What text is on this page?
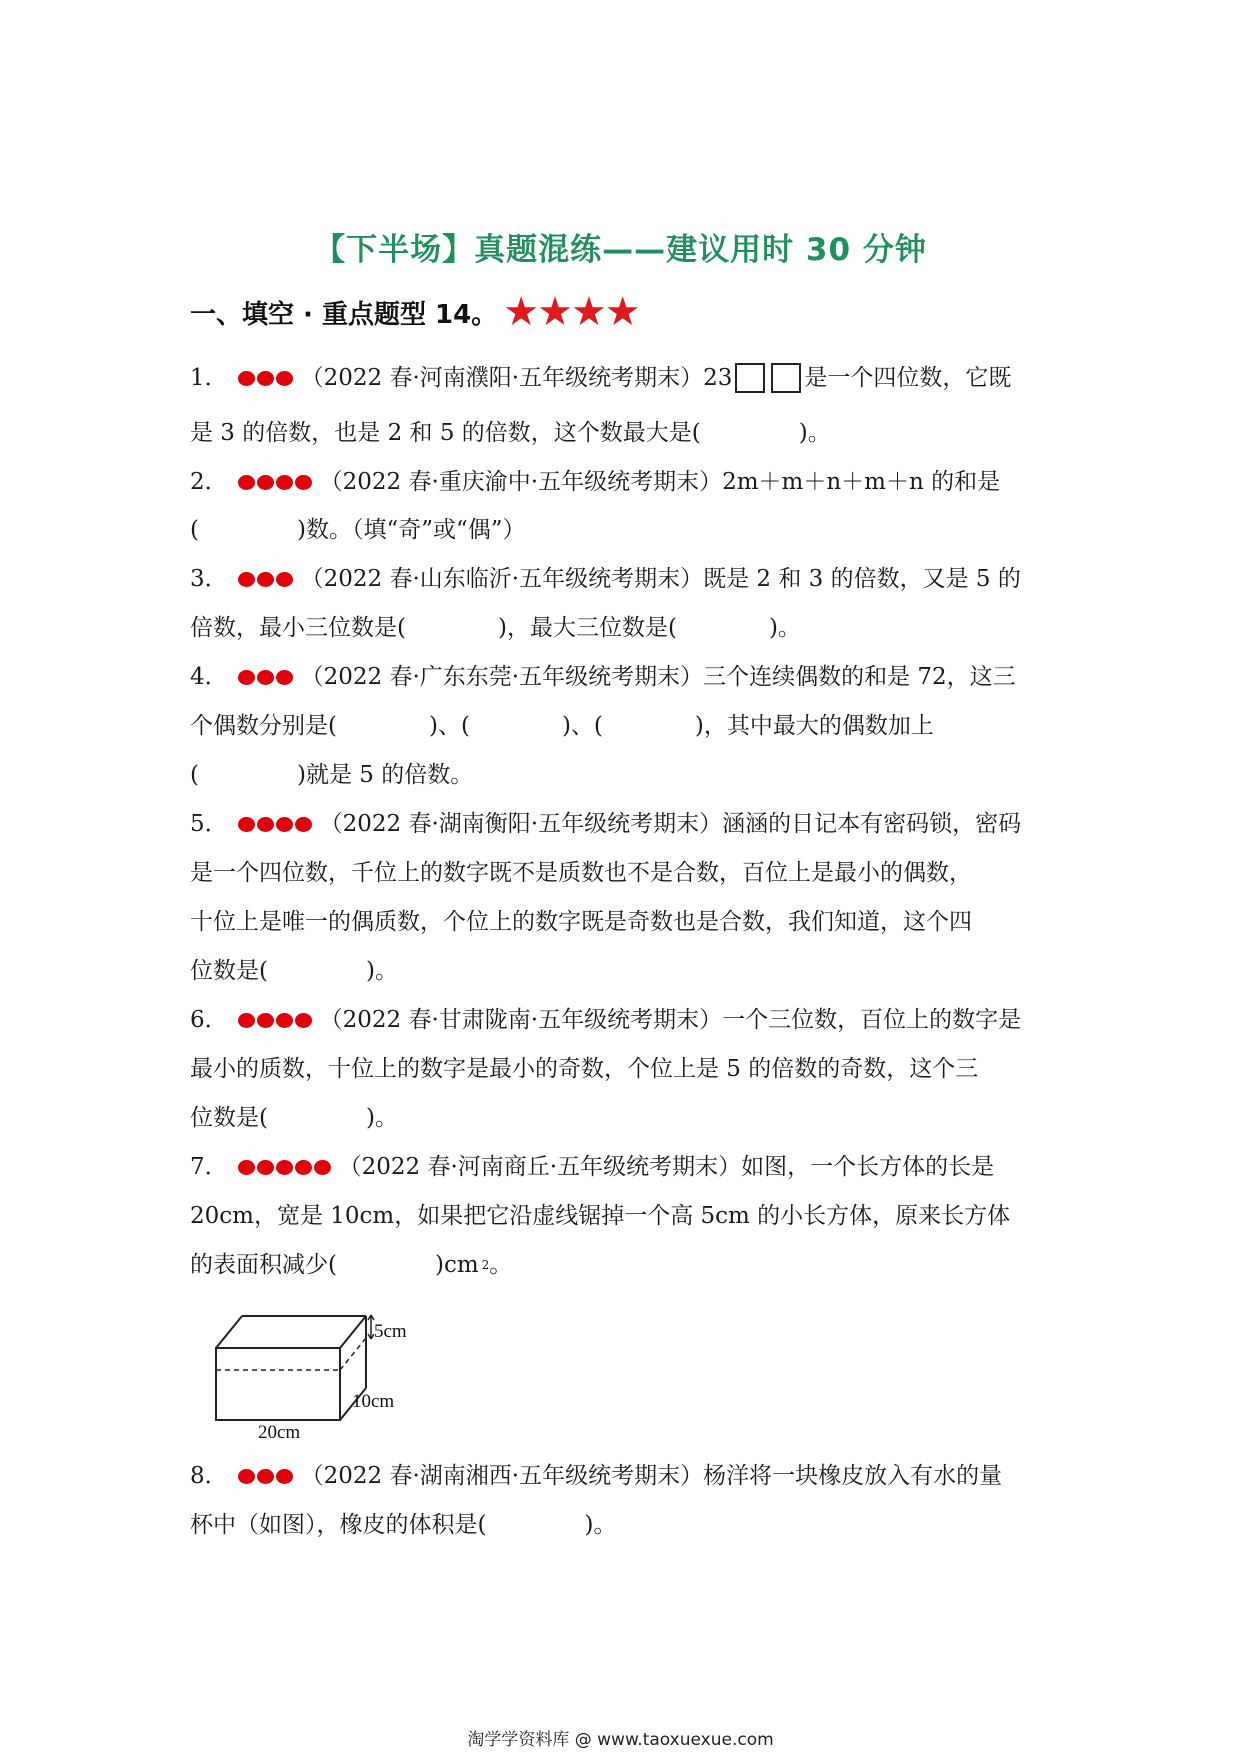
【下半场】真题混练——建议用时 30 分钟
一、填空 · 重点题型 14。 ★
★
★
★
1．	（2022 春·河南濮阳·五年级统考期末）23	是一个四位数，它既
是 3 的倍数，也是 2 和 5 的倍数，这个数最大是(	)。
2．	（2022 春·重庆渝中·五年级统考期末）2m＋m＋n＋m＋n 的和是
(	)数。（填“奇”或“偶”）
3．	（2022 春·山东临沂·五年级统考期末）既是 2 和 3 的倍数，又是 5 的
倍数，最小三位数是(	)，最大三位数是(	)。
4．	（2022 春·广东东莞·五年级统考期末）三个连续偶数的和是 72，这三
个偶数分别是(	)、(	)、(	)，其中最大的偶数加上
(	)就是 5 的倍数。
5．	（2022 春·湖南衡阳·五年级统考期末）涵涵的日记本有密码锁，密码
是一个四位数，千位上的数字既不是质数也不是合数，百位上是最小的偶数，
十位上是唯一的偶质数，个位上的数字既是奇数也是合数，我们知道，这个四
位数是(	)。
6．	（2022 春·甘肃陇南·五年级统考期末）一个三位数，百位上的数字是
最小的质数，十位上的数字是最小的奇数，个位上是 5 的倍数的奇数，这个三
位数是(	)。
7．	（2022 春·河南商丘·五年级统考期末）如图，一个长方体的长是
20cm，宽是 10cm，如果把它沿虚线锯掉一个高 5cm 的小长方体，原来长方体
的表面积减少(	)cm 2 。
5cm
10cm
20cm
8．	（2022 春·湖南湘西·五年级统考期末）杨洋将一块橡皮放入有水的量
杯中（如图），橡皮的体积是(	)。
淘学学资料库 @ www.taoxuexue.com
